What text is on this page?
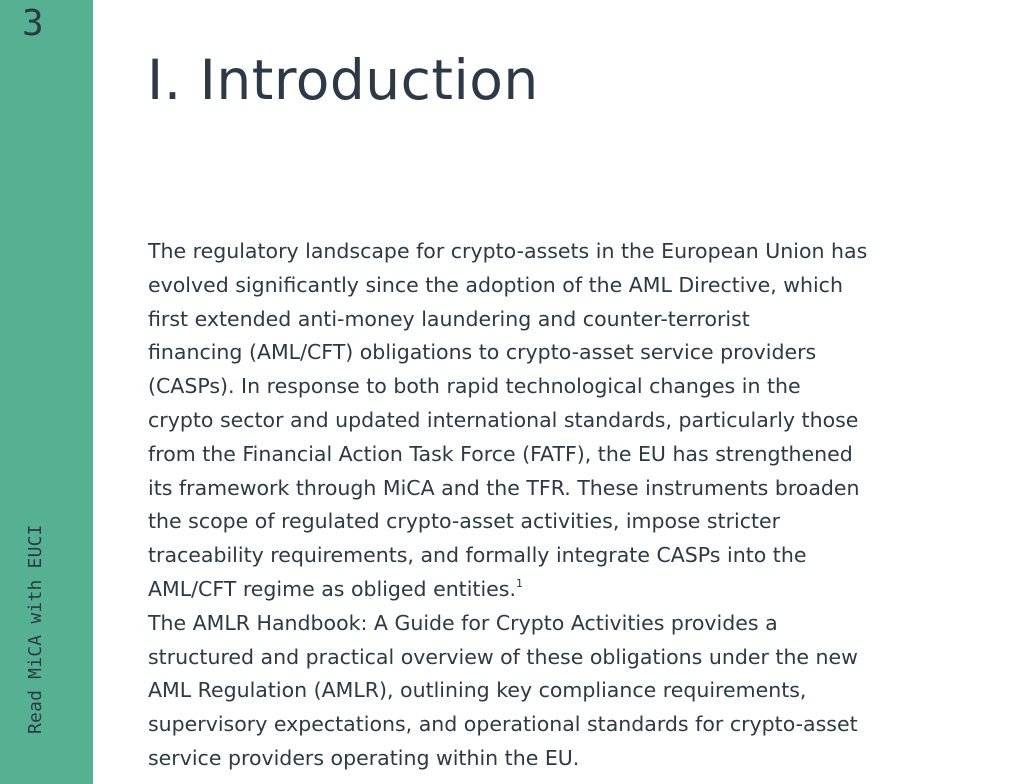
3
Read MiCA with EUCI
I. Introduction

The regulatory landscape for crypto-assets in the European Union has
evolved significantly since the adoption of the AML Directive, which
first extended anti-money laundering and counter-terrorist
financing (AML/CFT) obligations to crypto-asset service providers
(CASPs). In response to both rapid technological changes in the
crypto sector and updated international standards, particularly those
from the Financial Action Task Force (FATF), the EU has strengthened
its framework through MiCA and the TFR. These instruments broaden
the scope of regulated crypto-asset activities, impose stricter
traceability requirements, and formally integrate CASPs into the
AML/CFT regime as obliged entities.$^1$

The AMLR Handbook: A Guide for Crypto Activities provides a
structured and practical overview of these obligations under the new
AML Regulation (AMLR), outlining key compliance requirements,
supervisory expectations, and operational standards for crypto-asset
service providers operating within the EU.
